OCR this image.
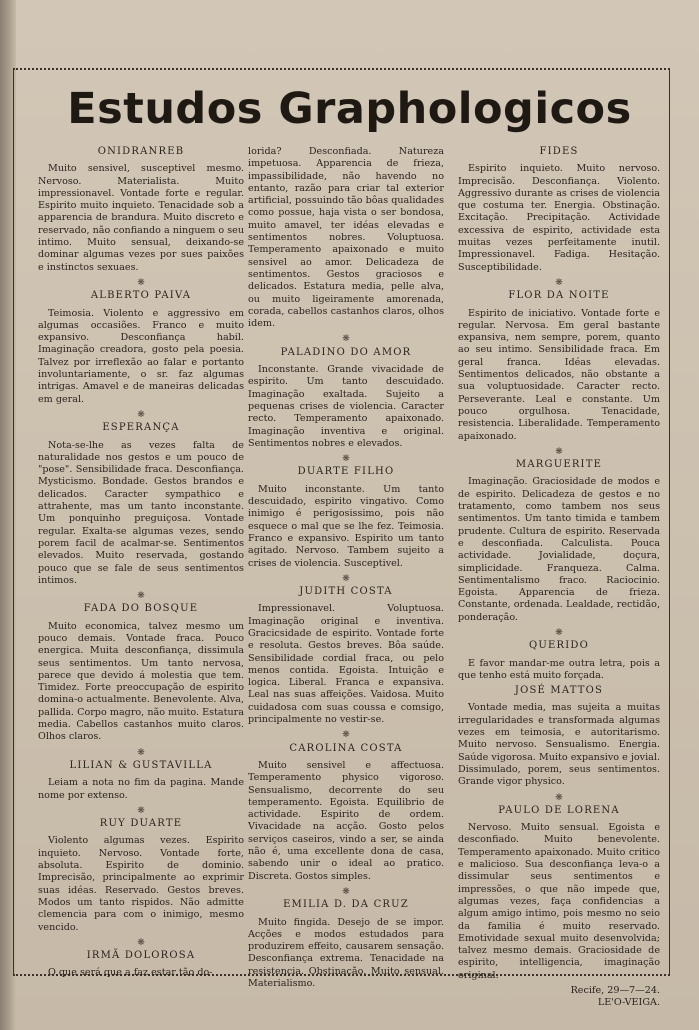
Estudos Graphologicos
ONIDRANREB

Muito sensivel, susceptivel mesmo. Nervoso. Materialista. Muito impressionavel. Vontade forte e regular. Espirito muito inquieto. Tenacidade sob a apparencia de brandura. Muito discreto e reservado, não confiando a ninguem o seu intimo. Muito sensual, deixando-se dominar algumas vezes por sues paixões e instinctos sexuaes.

❋
ALBERTO PAIVA

Teimosia. Violento e aggressivo em algumas occasiões. Franco e muito expansivo. Desconfiança habil. Imaginação creadora, gosto pela poesia. Talvez por irreflexão ao falar e portanto involuntariamente, o sr. faz algumas intrigas. Amavel e de maneiras delicadas em geral.

❋
ESPERANÇA

Nota-se-lhe as vezes falta de naturalidade nos gestos e um pouco de "pose". Sensibilidade fraca. Desconfiança. Mysticismo. Bondade. Gestos brandos e delicados. Caracter sympathico e attrahente, mas um tanto inconstante. Um ponquinho preguiçosa. Vontade regular. Exalta-se algumas vezes, sendo porem facil de acalmar-se. Sentimentos elevados. Muito reservada, gostando pouco que se fale de seus sentimentos intimos.

❋
FADA DO BOSQUE

Muito economica, talvez mesmo um pouco demais. Vontade fraca. Pouco energica. Muita desconfiança, dissimula seus sentimentos. Um tanto nervosa, parece que devido á molestia que tem. Timidez. Forte preoccupação de espirito domina-o actualmente. Benevolente. Alva, pallida. Corpo magro, não muito. Estatura media. Cabellos castanhos muito claros. Olhos claros.

❋
LILIAN & GUSTAVILLA

Leiam a nota no fim da pagina. Mande nome por extenso.

❋
RUY DUARTE

Violento algumas vezes. Espirito inquieto. Nervoso. Vontade forte, absoluta. Espirito de dominio. Imprecisão, principalmente ao exprimir suas idéas. Reservado. Gestos breves. Modos um tanto rispidos. Não admitte clemencia para com o inimigo, mesmo vencido.

❋
IRMÃ DOLOROSA

O que será que a faz estar tão do-

lorida? Desconfiada. Natureza impetuosa. Apparencia de frieza, impassibilidade, não havendo no entanto, razão para criar tal exterior artificial, possuindo tão bôas qualidades como possue, haja vista o ser bondosa, muito amavel, ter idéas elevadas e sentimentos nobres. Voluptuosa. Temperamento apaixonado e muito sensivel ao amor. Delicadeza de sentimentos. Gestos graciosos e delicados. Estatura media, pelle alva, ou muito ligeiramente amorenada, corada, cabellos castanhos claros, olhos idem.

❋
PALADINO DO AMOR

Inconstante. Grande vivacidade de espirito. Um tanto descuidado. Imaginação exaltada. Sujeito a pequenas crises de violencia. Caracter recto. Temperamento apaixonado. Imaginação inventiva e original. Sentimentos nobres e elevados.

❋
DUARTE FILHO

Muito inconstante. Um tanto descuidado, espirito vingativo. Como inimigo é perigosissimo, pois não esquece o mal que se lhe fez. Teimosia. Franco e expansivo. Espirito um tanto agitado. Nervoso. Tambem sujeito a crises de violencia. Susceptivel.

❋
JUDITH COSTA

Impressionavel. Voluptuosa. Imaginação original e inventiva. Gracicsidade de espirito. Vontade forte e resoluta. Gestos breves. Bôa saúde. Sensibilidade cordial fraca, ou pelo menos contida. Egoista. Intuição e logica. Liberal. Franca e expansiva. Leal nas suas affeições. Vaidosa. Muito cuidadosa com suas coussa e comsigo, principalmente no vestir-se.

❋
CAROLINA COSTA

Muito sensivel e affectuosa. Temperamento physico vigoroso. Sensualismo, decorrente do seu temperamento. Egoista. Equilibrio de actividade. Espirito de ordem. Vivacidade na acção. Gosto pelos serviços caseiros, vindo a ser, se ainda não é, uma excellente dona de casa, sabendo unir o ideal ao pratico. Discreta. Gostos simples.

❋
EMILIA D. DA CRUZ

Muito fingida. Desejo de se impor. Acções e modos estudados para produzirem effeito, causarem sensação. Desconfiança extrema. Tenacidade na resistencia. Obstinação. Muito sensual. Materialismo.

FIDES

Espirito inquieto. Muito nervoso. Imprecisão. Desconfiança. Violento. Aggressivo durante as crises de violencia que costuma ter. Energia. Obstinação. Excitação. Precipitação. Actividade excessiva de espirito, actividade esta muitas vezes perfeitamente inutil. Impressionavel. Fadiga. Hesitação. Susceptibilidade.

❋
FLOR DA NOITE

Espirito de iniciativo. Vontade forte e regular. Nervosa. Em geral bastante expansiva, nem sempre, porem, quanto ao seu intimo. Sensibilidade fraca. Em geral franca. Idéas elevadas. Sentimentos delicados, não obstante a sua voluptuosidade. Caracter recto. Perseverante. Leal e constante. Um pouco orgulhosa. Tenacidade, resistencia. Liberalidade. Temperamento apaixonado.

❋
MARGUERITE

Imaginação. Graciosidade de modos e de espirito. Delicadeza de gestos e no tratamento, como tambem nos seus sentimentos. Um tanto timida e tambem prudente. Cultura de espirito. Reservada e desconfiada. Calculista. Pouca actividade. Jovialidade, doçura, simplicidade. Franqueza. Calma. Sentimentalismo fraco. Raciocinio. Egoista. Apparencia de frieza. Constante, ordenada. Lealdade, rectidão, ponderação.

❋
QUERIDO

E favor mandar-me outra letra, pois a que tenho está muito forçada.

JOSÉ MATTOS

Vontade media, mas sujeita a muitas irregularidades e transformada algumas vezes em teimosia, e autoritarismo. Muito nervoso. Sensualismo. Energia. Saúde vigorosa. Muito expansivo e jovial. Dissimulado, porem, seus sentimentos. Grande vigor physico.

❋
PAULO DE LORENA

Nervoso. Muito sensual. Egoista e desconfiado. Muito benevolente. Temperamento apaixonado. Muito critico e malicioso. Sua desconfiança leva-o a dissimular seus sentimentos e impressões, o que não impede que, algumas vezes, faça confidencias a algum amigo intimo, pois mesmo no seio da familia é muito reservado. Emotividade sexual muito desenvolvida; talvez mesmo demais. Graciosidade de espirito, intelligencia, imaginação original.

Recife, 29—7—24.

LE'O-VEIGA.
